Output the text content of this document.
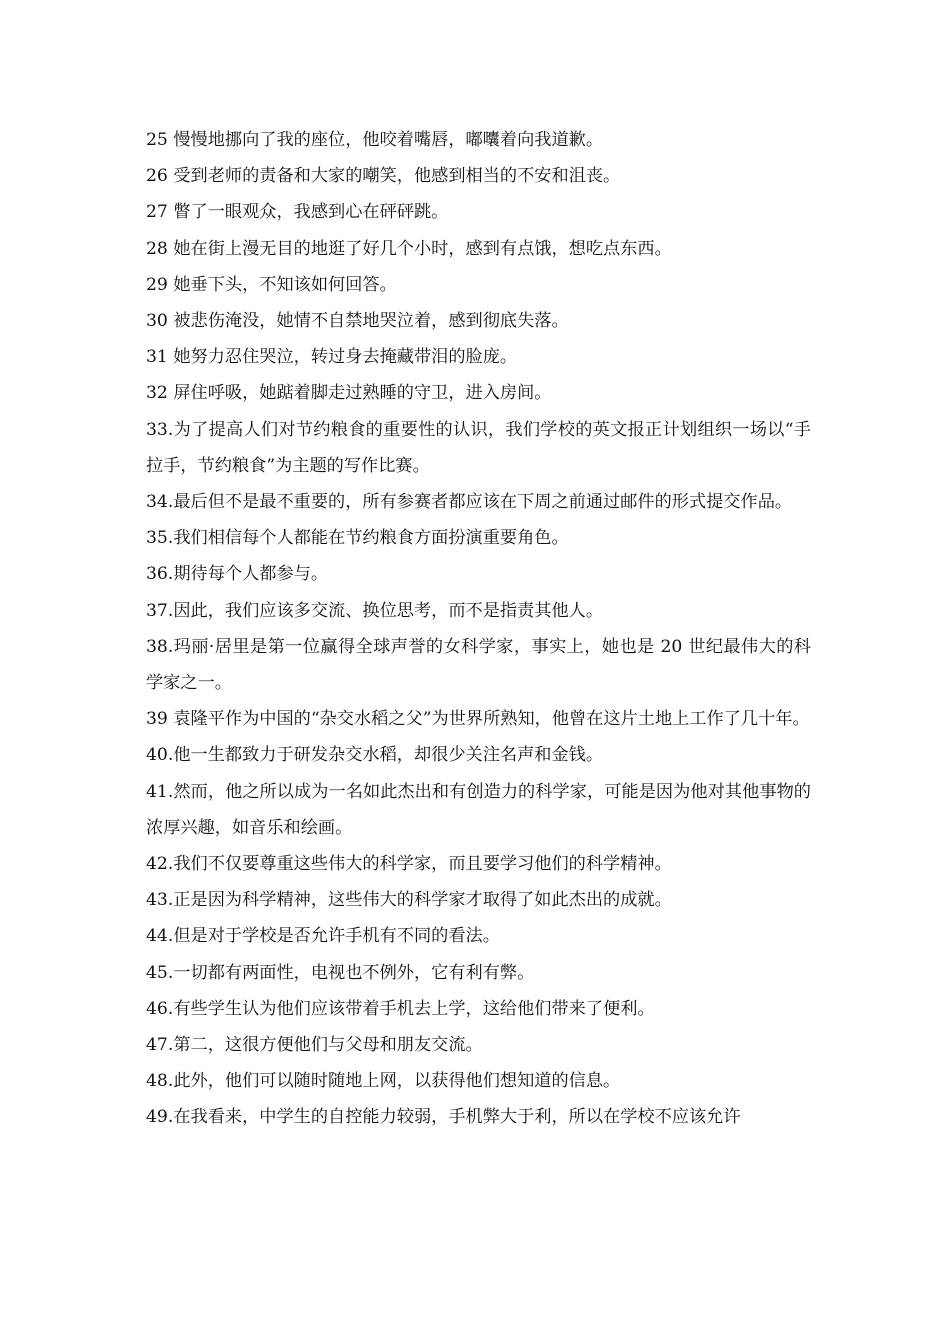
25 慢慢地挪向了我的座位，他咬着嘴唇，嘟囔着向我道歉。

26 受到老师的责备和大家的嘲笑，他感到相当的不安和沮丧。

27 瞥了一眼观众，我感到心在砰砰跳。

28 她在街上漫无目的地逛了好几个小时，感到有点饿，想吃点东西。

29 她垂下头，不知该如何回答。

30 被悲伤淹没，她情不自禁地哭泣着，感到彻底失落。

31 她努力忍住哭泣，转过身去掩藏带泪的脸庞。

32 屏住呼吸，她踮着脚走过熟睡的守卫，进入房间。

33.为了提高人们对节约粮食的重要性的认识，我们学校的英文报正计划组织一场以“手拉手，节约粮食”为主题的写作比赛。

34.最后但不是最不重要的，所有参赛者都应该在下周之前通过邮件的形式提交作品。

35.我们相信每个人都能在节约粮食方面扮演重要角色。

36.期待每个人都参与。

37.因此，我们应该多交流、换位思考，而不是指责其他人。

38.玛丽·居里是第一位赢得全球声誉的女科学家，事实上，她也是 20 世纪最伟大的科学家之一。

39 袁隆平作为中国的“杂交水稻之父”为世界所熟知，他曾在这片土地上工作了几十年。

40.他一生都致力于研发杂交水稻，却很少关注名声和金钱。

41.然而，他之所以成为一名如此杰出和有创造力的科学家，可能是因为他对其他事物的浓厚兴趣，如音乐和绘画。

42.我们不仅要尊重这些伟大的科学家，而且要学习他们的科学精神。

43.正是因为科学精神，这些伟大的科学家才取得了如此杰出的成就。

44.但是对于学校是否允许手机有不同的看法。

45.一切都有两面性，电视也不例外，它有利有弊。

46.有些学生认为他们应该带着手机去上学，这给他们带来了便利。

47.第二，这很方便他们与父母和朋友交流。

48.此外，他们可以随时随地上网，以获得他们想知道的信息。

49.在我看来，中学生的自控能力较弱，手机弊大于利，所以在学校不应该允许
